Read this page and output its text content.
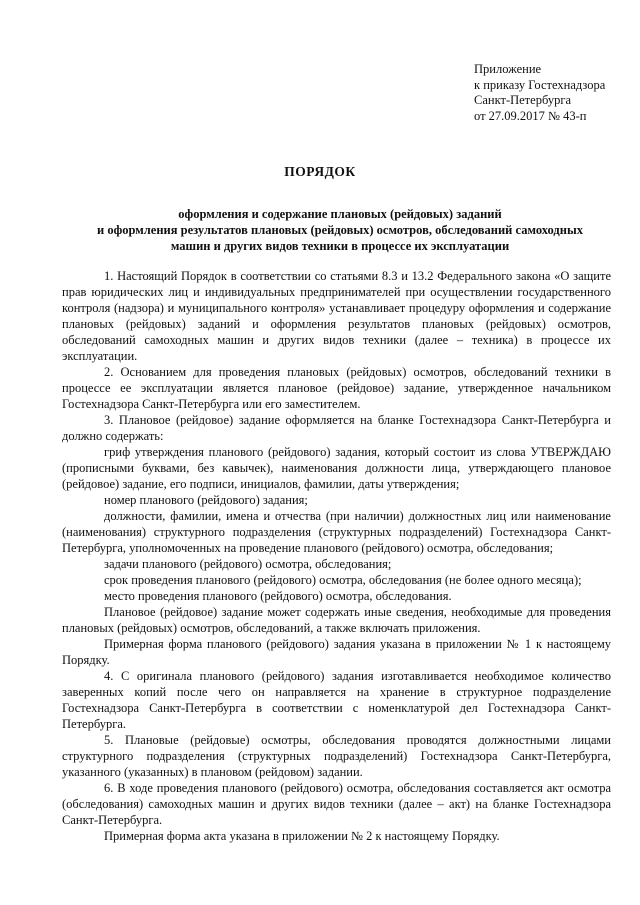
Приложение
к приказу Гостехнадзора
Санкт-Петербурга
от 27.09.2017 № 43-п
ПОРЯДОК
оформления и содержание плановых (рейдовых) заданий
и оформления результатов плановых (рейдовых) осмотров, обследований самоходных
машин и других видов техники в процессе их эксплуатации

1. Настоящий Порядок в соответствии со статьями 8.3 и 13.2 Федерального закона «О защите прав юридических лиц и индивидуальных предпринимателей при осуществлении государственного контроля (надзора) и муниципального контроля» устанавливает процедуру оформления и содержание плановых (рейдовых) заданий и оформления результатов плановых (рейдовых) осмотров, обследований самоходных машин и других видов техники (далее – техника) в процессе их эксплуатации.

2. Основанием для проведения плановых (рейдовых) осмотров, обследований техники в процессе ее эксплуатации является плановое (рейдовое) задание, утвержденное начальником Гостехнадзора Санкт-Петербурга или его заместителем.

3. Плановое (рейдовое) задание оформляется на бланке Гостехнадзора Санкт-Петербурга и должно содержать:

гриф утверждения планового (рейдового) задания, который состоит из слова УТВЕРЖДАЮ (прописными буквами, без кавычек), наименования должности лица, утверждающего плановое (рейдовое) задание, его подписи, инициалов, фамилии, даты утверждения;

номер планового (рейдового) задания;

должности, фамилии, имена и отчества (при наличии) должностных лиц или наименование (наименования) структурного подразделения (структурных подразделений) Гостехнадзора Санкт-Петербурга, уполномоченных на проведение планового (рейдового) осмотра, обследования;

задачи планового (рейдового) осмотра, обследования;

срок проведения планового (рейдового) осмотра, обследования (не более одного месяца);

место проведения планового (рейдового) осмотра, обследования.

Плановое (рейдовое) задание может содержать иные сведения, необходимые для проведения плановых (рейдовых) осмотров, обследований, а также включать приложения.

Примерная форма планового (рейдового) задания указана в приложении № 1 к настоящему Порядку.

4. С оригинала планового (рейдового) задания изготавливается необходимое количество заверенных копий после чего он направляется на хранение в структурное подразделение Гостехнадзора Санкт-Петербурга в соответствии с номенклатурой дел Гостехнадзора Санкт-Петербурга.

5. Плановые (рейдовые) осмотры, обследования проводятся должностными лицами структурного подразделения (структурных подразделений) Гостехнадзора Санкт-Петербурга, указанного (указанных) в плановом (рейдовом) задании.

6. В ходе проведения планового (рейдового) осмотра, обследования составляется акт осмотра (обследования) самоходных машин и других видов техники (далее – акт) на бланке Гостехнадзора Санкт-Петербурга.

Примерная форма акта указана в приложении № 2 к настоящему Порядку.
